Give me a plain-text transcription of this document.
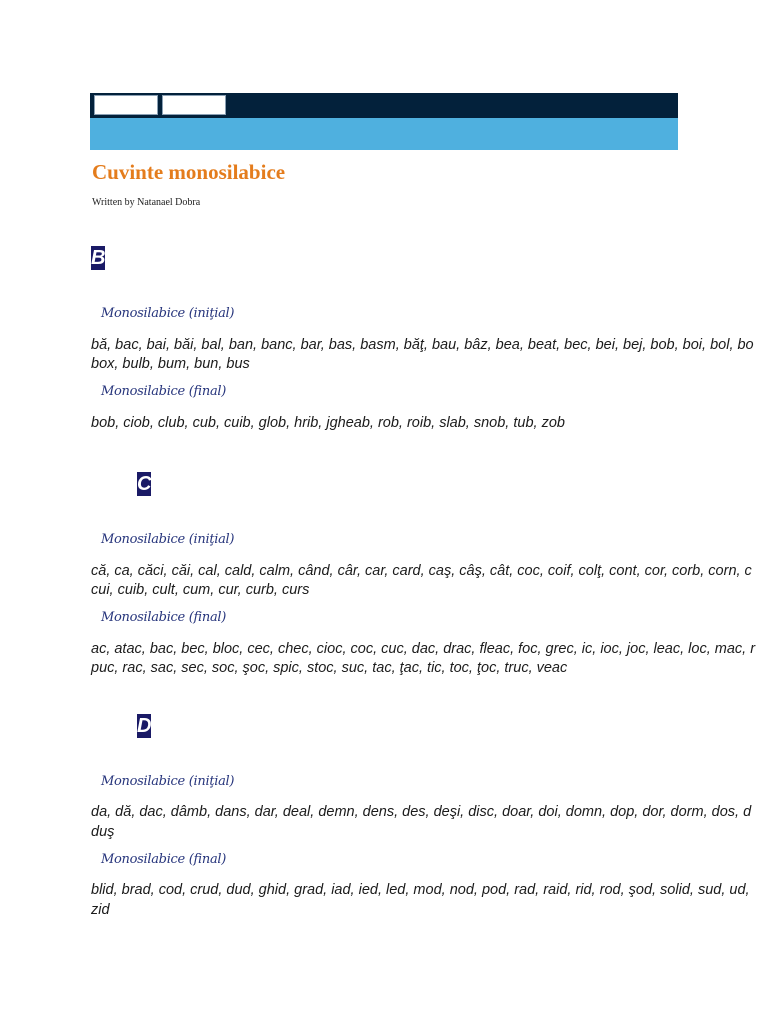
Cuvinte monosilabice
Written by Natanael Dobra
B
Monosilabice (iniţial)

bă, bac, bai, băi, bal, ban, banc, bar, bas, basm, băţ, bau, bâz, bea, beat, bec, bei, bej, bob, boi, bol, bo

box, bulb, bum, bun, bus

Monosilabice (final)

bob, ciob, club, cub, cuib, glob, hrib, jgheab, rob, roib, slab, snob, tub, zob

C
Monosilabice (iniţial)

că, ca, căci, căi, cal, cald, calm, când, câr, car, card, caş, câş, cât, coc, coif, colţ, cont, cor, corb, corn, c

cui, cuib, cult, cum, cur, curb, curs

Monosilabice (final)

ac, atac, bac, bec, bloc, cec, chec, cioc, coc, cuc, dac, drac, fleac, foc, grec, ic, ioc, joc, leac, loc, mac, r

puc, rac, sac, sec, soc, şoc, spic, stoc, suc, tac, ţac, tic, toc, ţoc, truc, veac

D
Monosilabice (iniţial)

da, dă, dac, dâmb, dans, dar, deal, demn, dens, des, deşi, disc, doar, doi, domn, dop, dor, dorm, dos, d

duş

Monosilabice (final)

blid, brad, cod, crud, dud, ghid, grad, iad, ied, led, mod, nod, pod, rad, raid, rid, rod, şod, solid, sud, ud,

zid
